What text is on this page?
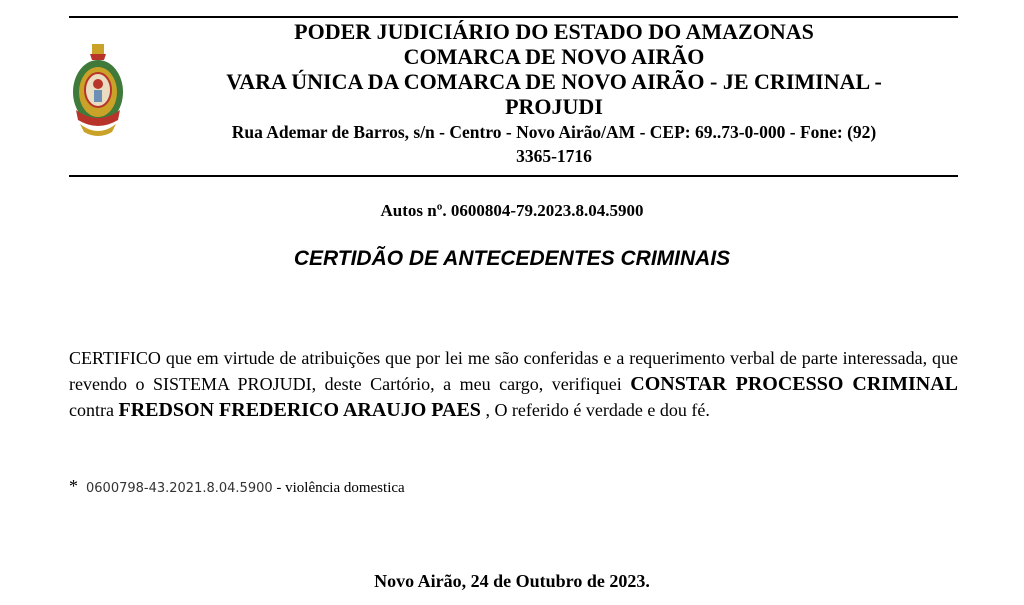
PODER JUDICIÁRIO DO ESTADO DO AMAZONAS
COMARCA DE NOVO AIRÃO
VARA ÚNICA DA COMARCA DE NOVO AIRÃO - JE CRIMINAL -
PROJUDI
Rua Ademar de Barros, s/n - Centro - Novo Airão/AM - CEP: 69..73-0-000 - Fone: (92)
3365-1716
Autos nº. 0600804-79.2023.8.04.5900
CERTIDÃO DE ANTECEDENTES CRIMINAIS
CERTIFICO que em virtude de atribuições que por lei me são conferidas e a requerimento verbal de parte interessada, que revendo o SISTEMA PROJUDI, deste Cartório, a meu cargo, verifiquei CONSTAR PROCESSO CRIMINAL contra FREDSON FREDERICO ARAUJO PAES , O referido é verdade e dou fé.
* 0600798-43.2021.8.04.5900 - violência domestica
Novo Airão, 24 de Outubro de 2023.
